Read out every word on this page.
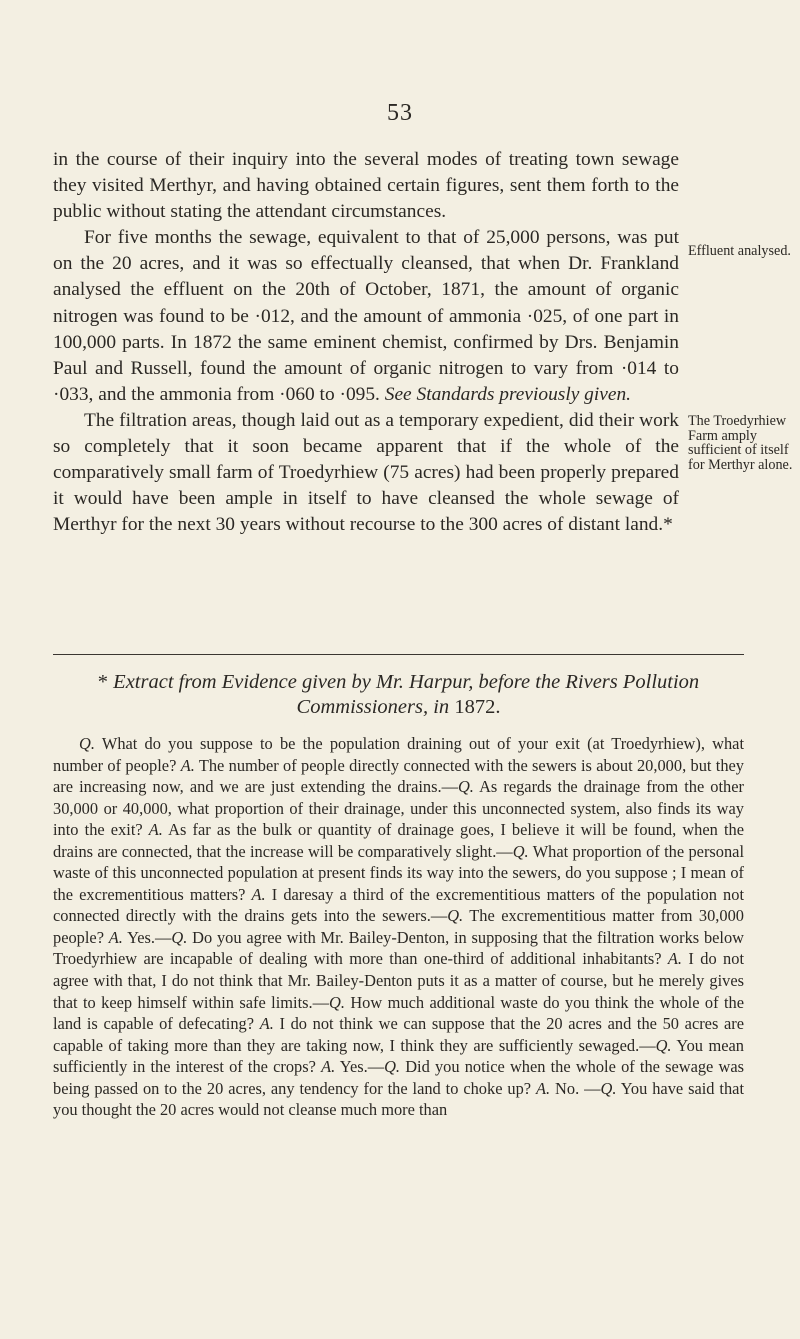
53

in the course of their inquiry into the several modes of treating town sewage they visited Merthyr, and having obtained certain figures, sent them forth to the public without stating the attendant circumstances.

For five months the sewage, equivalent to that of 25,000 persons, was put on the 20 acres, and it was so effectually cleansed, that when Dr. Frankland analysed the effluent on the 20th of October, 1871, the amount of organic nitrogen was found to be ·012, and the amount of ammonia ·025, of one part in 100,000 parts. In 1872 the same eminent chemist, confirmed by Drs. Benjamin Paul and Russell, found the amount of organic nitrogen to vary from ·014 to ·033, and the ammonia from ·060 to ·095. See Standards previously given.

The filtration areas, though laid out as a temporary expedient, did their work so completely that it soon became apparent that if the whole of the comparatively small farm of Troedyrhiew (75 acres) had been properly prepared it would have been ample in itself to have cleansed the whole sewage of Merthyr for the next 30 years without recourse to the 300 acres of distant land.*

Effluent analysed.
The Troedyrhiew Farm amply sufficient of itself for Merthyr alone.
* Extract from Evidence given by Mr. Harpur, before the Rivers Pollution Commissioners, in 1872.
Q. What do you suppose to be the population draining out of your exit (at Troedyrhiew), what number of people? A. The number of people directly connected with the sewers is about 20,000, but they are increasing now, and we are just extending the drains.—Q. As regards the drainage from the other 30,000 or 40,000, what proportion of their drainage, under this unconnected system, also finds its way into the exit? A. As far as the bulk or quantity of drainage goes, I believe it will be found, when the drains are connected, that the increase will be comparatively slight.—Q. What proportion of the personal waste of this unconnected population at present finds its way into the sewers, do you suppose ; I mean of the excrementitious matters? A. I daresay a third of the excrementitious matters of the population not connected directly with the drains gets into the sewers.—Q. The excrementitious matter from 30,000 people? A. Yes.—Q. Do you agree with Mr. Bailey-Denton, in supposing that the filtration works below Troedyrhiew are incapable of dealing with more than one-third of additional inhabitants? A. I do not agree with that, I do not think that Mr. Bailey-Denton puts it as a matter of course, but he merely gives that to keep himself within safe limits.—Q. How much additional waste do you think the whole of the land is capable of defecating? A. I do not think we can suppose that the 20 acres and the 50 acres are capable of taking more than they are taking now, I think they are sufficiently sewaged.—Q. You mean sufficiently in the interest of the crops? A. Yes.—Q. Did you notice when the whole of the sewage was being passed on to the 20 acres, any tendency for the land to choke up? A. No. —Q. You have said that you thought the 20 acres would not cleanse much more than
